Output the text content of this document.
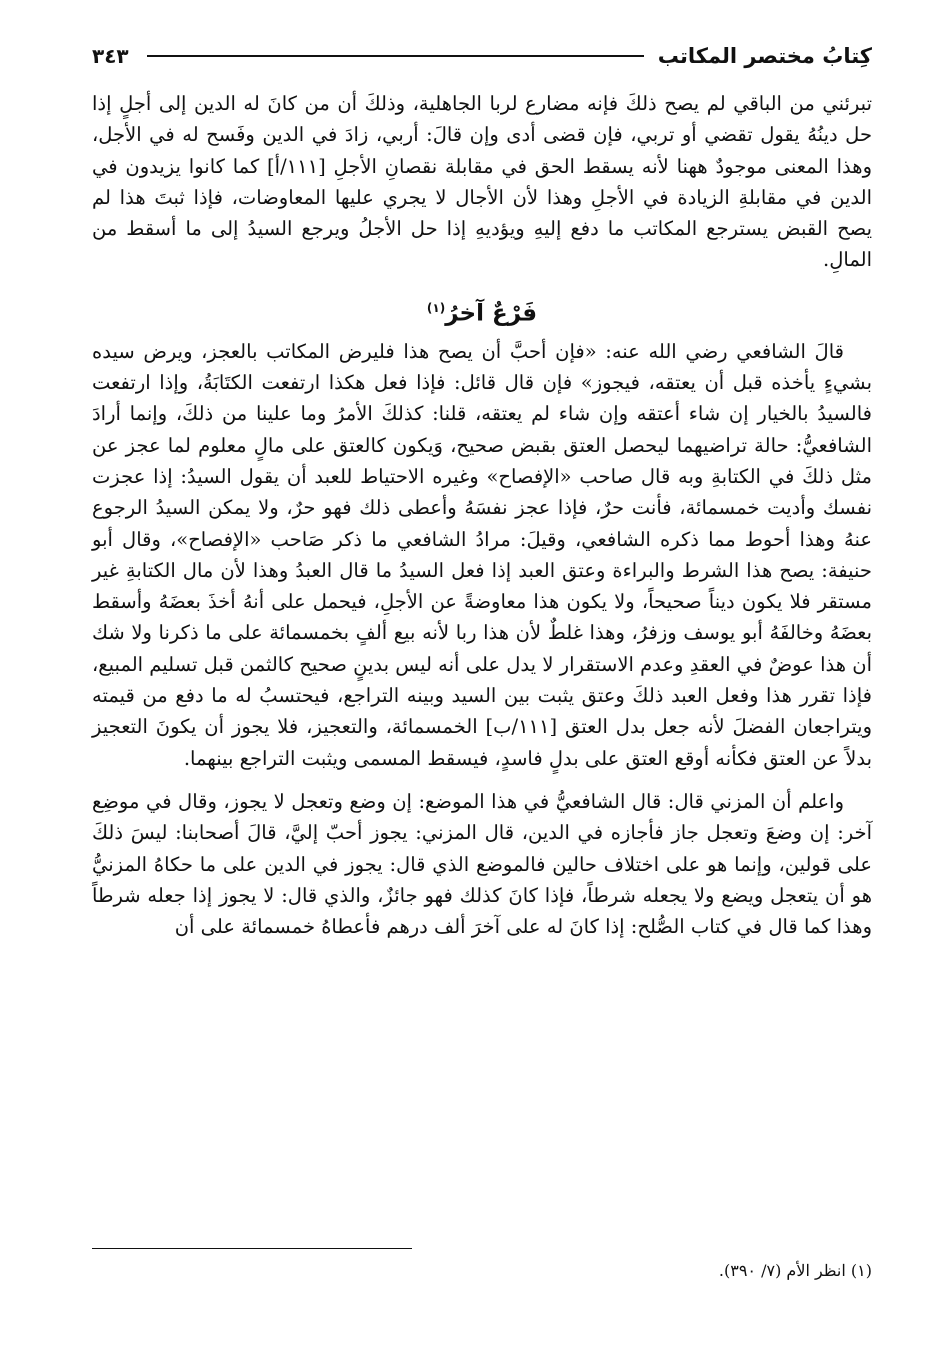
كِتابُ مختصر المكاتب
٣٤٣

تبرئني من الباقي لم يصح ذلكَ فإنه مضارع لربا الجاهلية، وذلكَ أن من كانَ له الدين إلى أجلٍ إذا حل دينُهُ يقول تقضي أو تربي، فإن قضى أدى وإن قالَ: أربي، زادَ في الدين وفَسح له في الأجل، وهذا المعنى موجودٌ ههنا لأنه يسقط الحق في مقابلة نقصانِ الأجلِ [١١١/أ] كما كانوا يزيدون في الدين في مقابلةِ الزيادة في الأجلِ وهذا لأن الأجال لا يجري عليها المعاوضات، فإذا ثبتَ هذا لم يصح القبض يسترجع المكاتب ما دفع إليهِ ويؤديهِ إذا حل الأجلُ ويرجع السيدُ إلى ما أسقط من المالِ.

فَرْعٌ آخرُ$^{(١)}$

قالَ الشافعي رضي الله عنه: «فإن أحبَّ أن يصح هذا فليرض المكاتب بالعجز، ويرض سيده بشيءٍ يأخذه قبل أن يعتقه، فيجوز» فإن قال قائل: فإذا فعل هكذا ارتفعت الكتَابَةُ، وإذا ارتفعت فالسيدُ بالخيار إن شاء أعتقه وإن شاء لم يعتقه، قلنا: كذلكَ الأمرُ وما علينا من ذلكَ، وإنما أرادَ الشافعيُّ: حالة تراضيهما ليحصل العتق بقبض صحيح، وَيكون كالعتق على مالٍ معلوم لما عجز عن مثل ذلكَ في الكتابةِ وبه قال صاحب «الإفصاح» وغيره الاحتياط للعبد أن يقول السيدُ: إذا عجزت نفسك وأديت خمسمائة، فأنت حرٌ، فإذا عجز نفسَهُ وأعطى ذلك فهو حرٌ، ولا يمكن السيدُ الرجوع عنهُ وهذا أحوط مما ذكره الشافعي، وقيلَ: مرادُ الشافعي ما ذكر صَاحب «الإفصاح»، وقال أبو حنيفة: يصح هذا الشرط والبراءة وعتق العبد إذا فعل السيدُ ما قال العبدُ وهذا لأن مال الكتابةِ غير مستقر فلا يكون ديناً صحيحاً، ولا يكون هذا معاوضةً عن الأجلِ، فيحمل على أنهُ أخذَ بعضَهُ وأسقط بعضَهُ وخالفَهُ أبو يوسف وزفرُ، وهذا غلطٌ لأن هذا ربا لأنه بيع ألفٍ بخمسمائة على ما ذكرنا ولا شك أن هذا عوضٌ في العقدِ وعدم الاستقرار لا يدل على أنه ليس بدينٍ صحيح كالثمن قبل تسليم المبيع، فإذا تقرر هذا وفعل العبد ذلكَ وعتق يثبت بين السيد وبينه التراجع، فيحتسبُ له ما دفع من قيمته ويتراجعان الفضلَ لأنه جعل بدل العتق [١١١/ب] الخمسمائة، والتعجيز، فلا يجوز أن يكونَ التعجيز بدلاً عن العتق فكأنه أوقع العتق على بدلٍ فاسدٍ، فيسقط المسمى ويثبت التراجع بينهما.

واعلم أن المزني قال: قال الشافعيُّ في هذا الموضع: إن وضع وتعجل لا يجوز، وقال في موضِع آخر: إن وضعَ وتعجل جاز فأجازه في الدين، قال المزني: يجوز أحبّ إليَّ، قالَ أصحابنا: ليسَ ذلكَ على قولين، وإنما هو على اختلاف حالين فالموضع الذي قال: يجوز في الدين على ما حكاهُ المزنيُّ هو أن يتعجل ويضع ولا يجعله شرطاً، فإذا كانَ كذلك فهو جائزٌ، والذي قال: لا يجوز إذا جعله شرطاً وهذا كما قال في كتاب الصُّلح: إذا كانَ له على آخرَ ألف درهم فأعطاهُ خمسمائة على أن

(١) انظر الأم (٧/ ٣٩٠).
